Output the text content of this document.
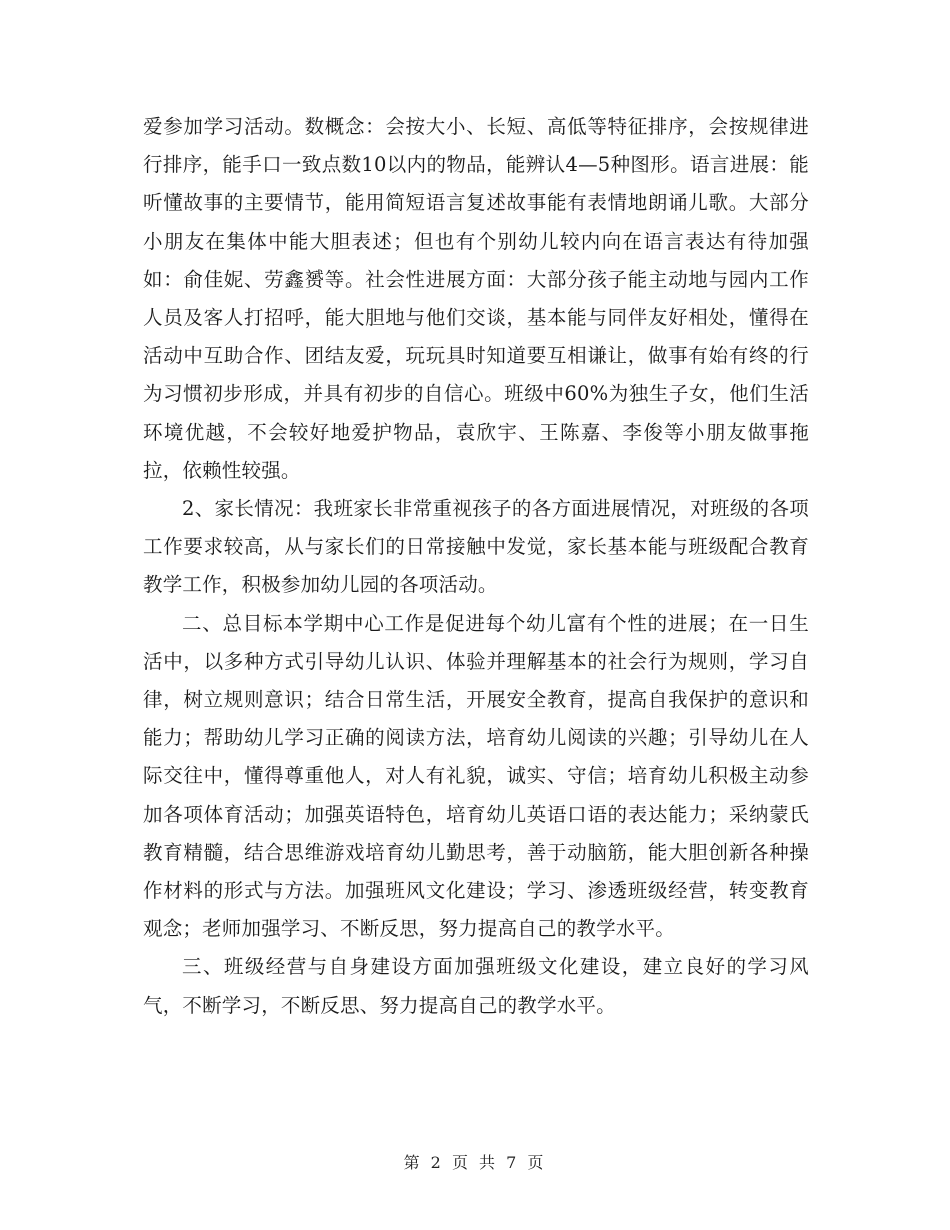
爱参加学习活动。数概念：会按大小、长短、高低等特征排序，会按规律进行排序，能手口一致点数10以内的物品，能辨认4—5种图形。语言进展：能听懂故事的主要情节，能用简短语言复述故事能有表情地朗诵儿歌。大部分小朋友在集体中能大胆表述；但也有个别幼儿较内向在语言表达有待加强如：俞佳妮、劳鑫赟等。社会性进展方面：大部分孩子能主动地与园内工作人员及客人打招呼，能大胆地与他们交谈，基本能与同伴友好相处，懂得在活动中互助合作、团结友爱，玩玩具时知道要互相谦让，做事有始有终的行为习惯初步形成，并具有初步的自信心。班级中60%为独生子女，他们生活环境优越，不会较好地爱护物品，袁欣宇、王陈嘉、李俊等小朋友做事拖拉，依赖性较强。

2、家长情况：我班家长非常重视孩子的各方面进展情况，对班级的各项工作要求较高，从与家长们的日常接触中发觉，家长基本能与班级配合教育教学工作，积极参加幼儿园的各项活动。

二、总目标本学期中心工作是促进每个幼儿富有个性的进展；在一日生活中，以多种方式引导幼儿认识、体验并理解基本的社会行为规则，学习自律，树立规则意识；结合日常生活，开展安全教育，提高自我保护的意识和能力；帮助幼儿学习正确的阅读方法，培育幼儿阅读的兴趣；引导幼儿在人际交往中，懂得尊重他人，对人有礼貌，诚实、守信；培育幼儿积极主动参加各项体育活动；加强英语特色，培育幼儿英语口语的表达能力；采纳蒙氏教育精髓，结合思维游戏培育幼儿勤思考，善于动脑筋，能大胆创新各种操作材料的形式与方法。加强班风文化建设；学习、渗透班级经营，转变教育观念；老师加强学习、不断反思，努力提高自己的教学水平。

三、班级经营与自身建设方面加强班级文化建设，建立良好的学习风气，不断学习，不断反思、努力提高自己的教学水平。

第 2 页 共 7 页
